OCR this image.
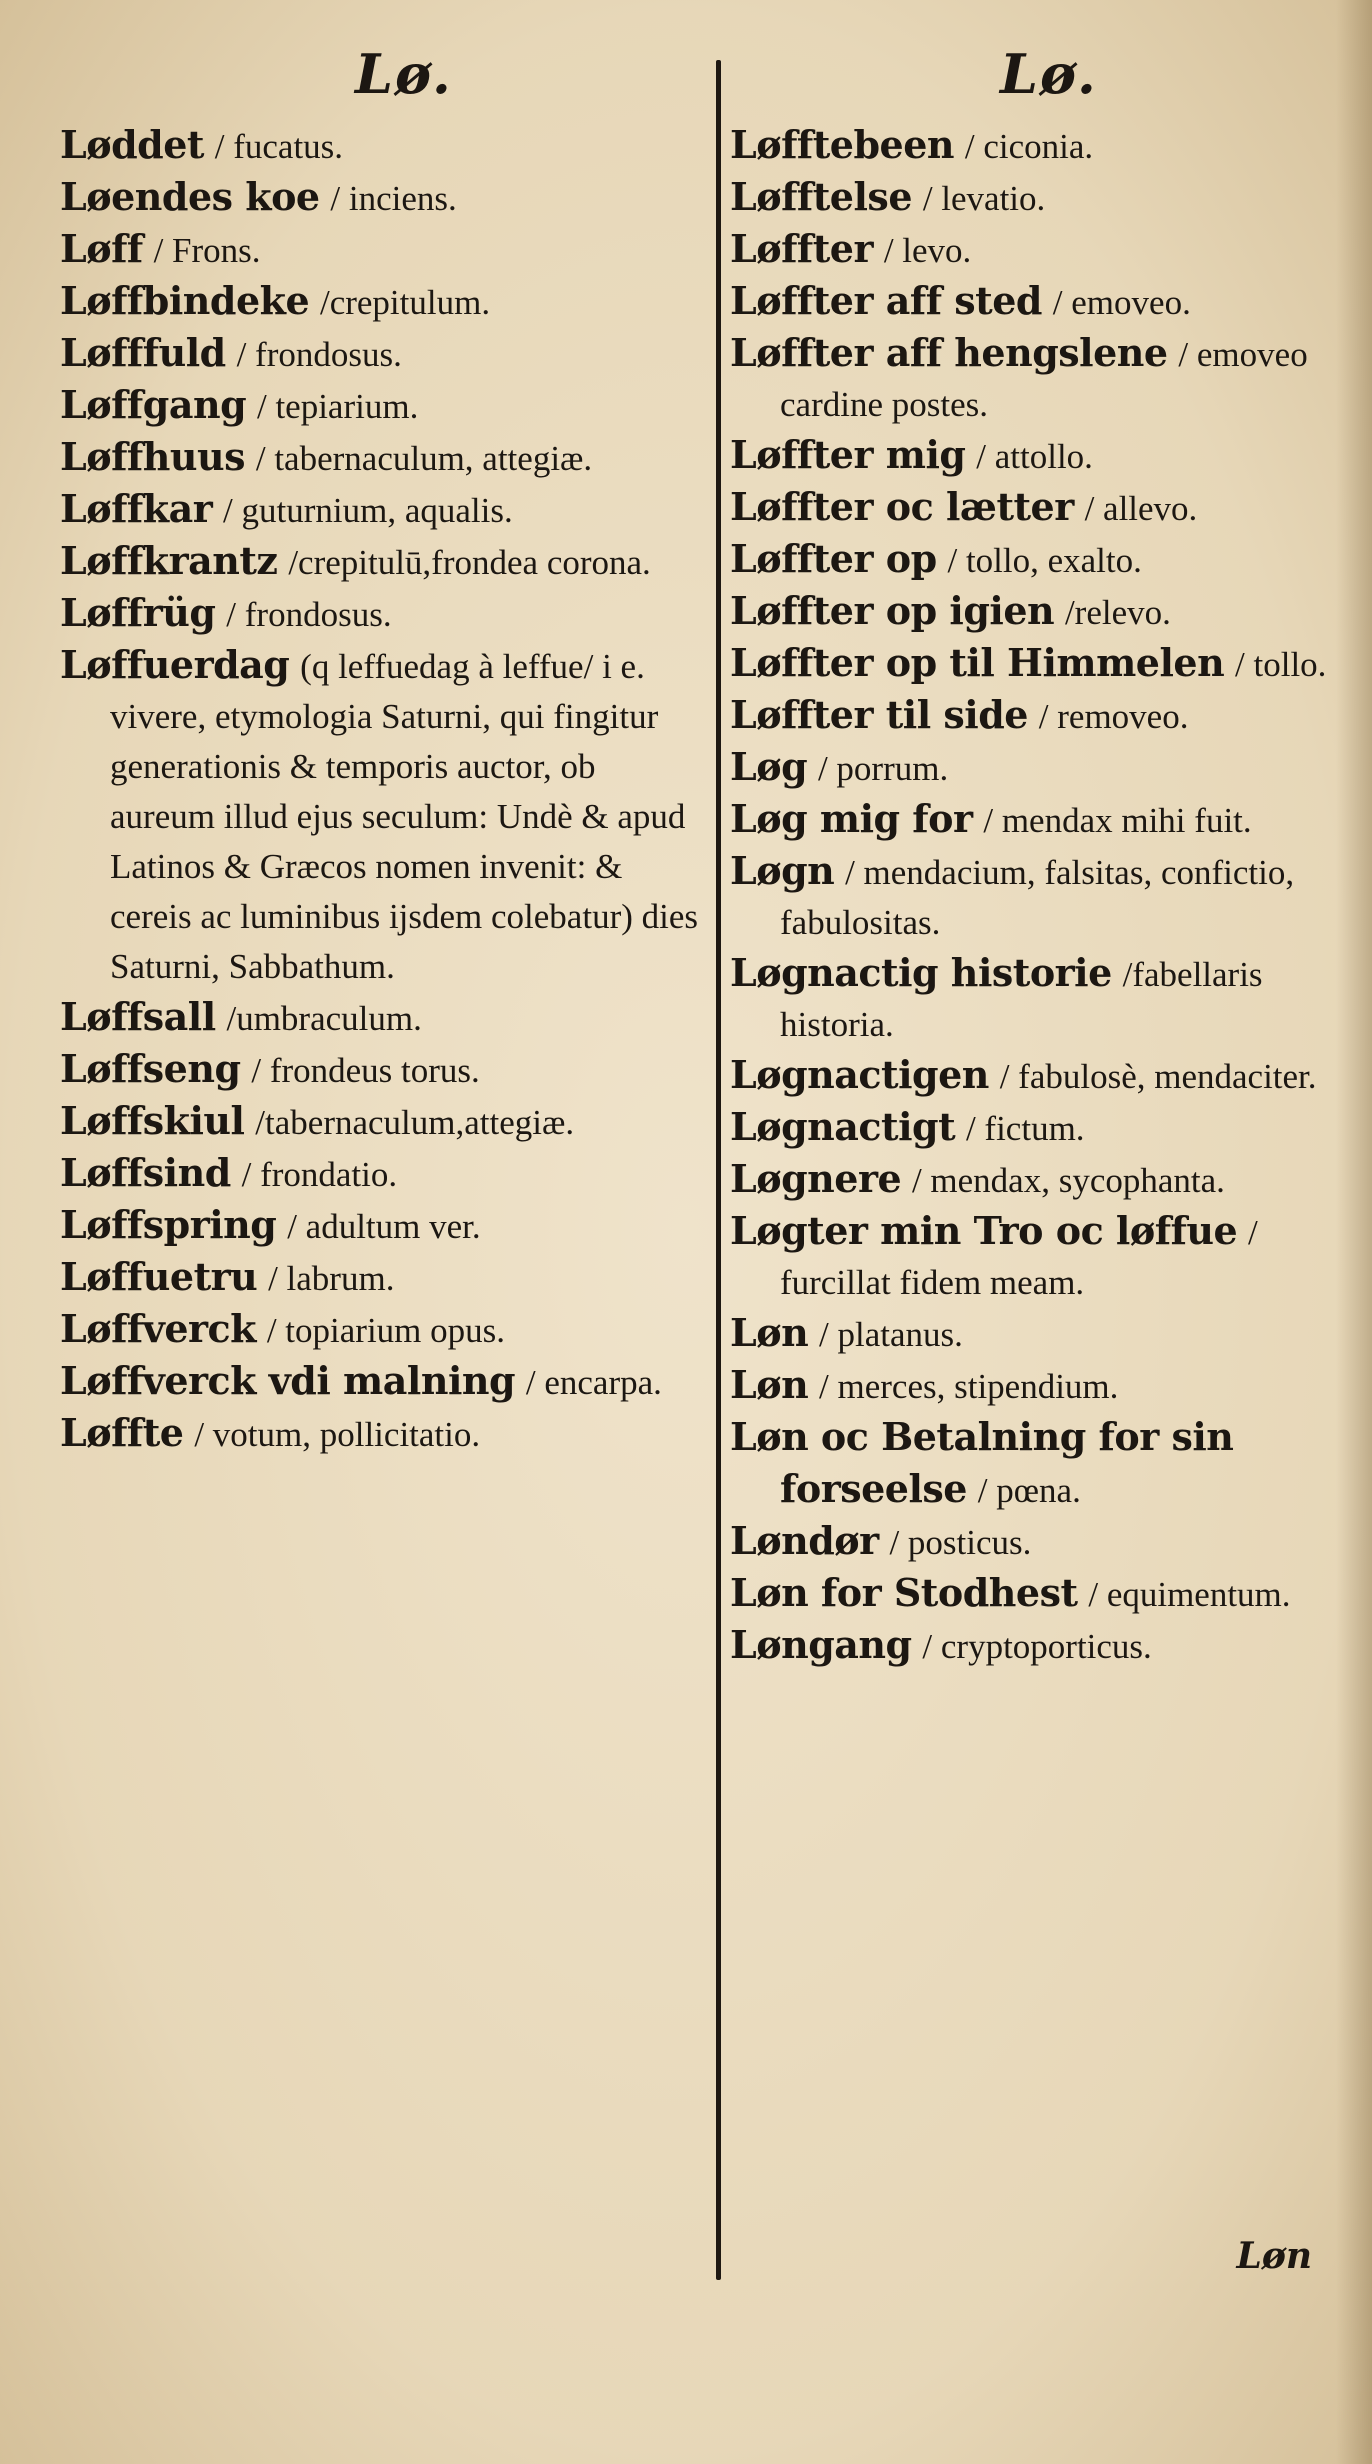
Lø.	Lø.

Løddet / fucatus.

Løendes koe / inciens.

Løff / Frons.

Løffbindeke /crepitulum.

Løfffuld / frondosus.

Løffgang / tepiarium.

Løffhuus / tabernaculum, attegiæ.

Løffkar / guturnium, aqualis.

Løffkrantz /crepitulū,frondea corona.

Løffrüg / frondosus.

Løffuerdag (q leffuedag à leffue/ i e. vivere, etymologia Saturni, qui fingitur generationis & temporis auctor, ob aureum illud ejus seculum: Undè & apud Latinos & Græcos nomen invenit: & cereis ac luminibus ijsdem colebatur) dies Saturni, Sabbathum.

Løffsall /umbraculum.

Løffseng / frondeus torus.

Løffskiul /tabernaculum,attegiæ.

Løffsind / frondatio.

Løffspring / adultum ver.

Løffuetru / labrum.

Løffverck / topiarium opus.

Løffverck vdi malning / encarpa.

Løffte / votum, pollicitatio.

Løfftebeen / ciconia.

Løfftelse / levatio.

Løffter / levo.

Løffter aff sted / emoveo.

Løffter aff hengslene / emoveo cardine postes.

Løffter mig / attollo.

Løffter oc lætter / allevo.

Løffter op / tollo, exalto.

Løffter op igien /relevo.

Løffter op til Himmelen / tollo.

Løffter til side / removeo.

Løg / porrum.

Løg mig for / mendax mihi fuit.

Løgn / mendacium, falsitas, confictio, fabulositas.

Løgnactig historie /fabellaris historia.

Løgnactigen / fabulosè, mendaciter.

Løgnactigt / fictum.

Løgnere / mendax, sycophanta.

Løgter min Tro oc løffue / furcillat fidem meam.

Løn / platanus.

Løn / merces, stipendium.

Løn oc Betalning for sin forseelse / pœna.

Løndør / posticus.

Løn for Stodhest / equimentum.

Løngang / cryptoporticus.

Løn
